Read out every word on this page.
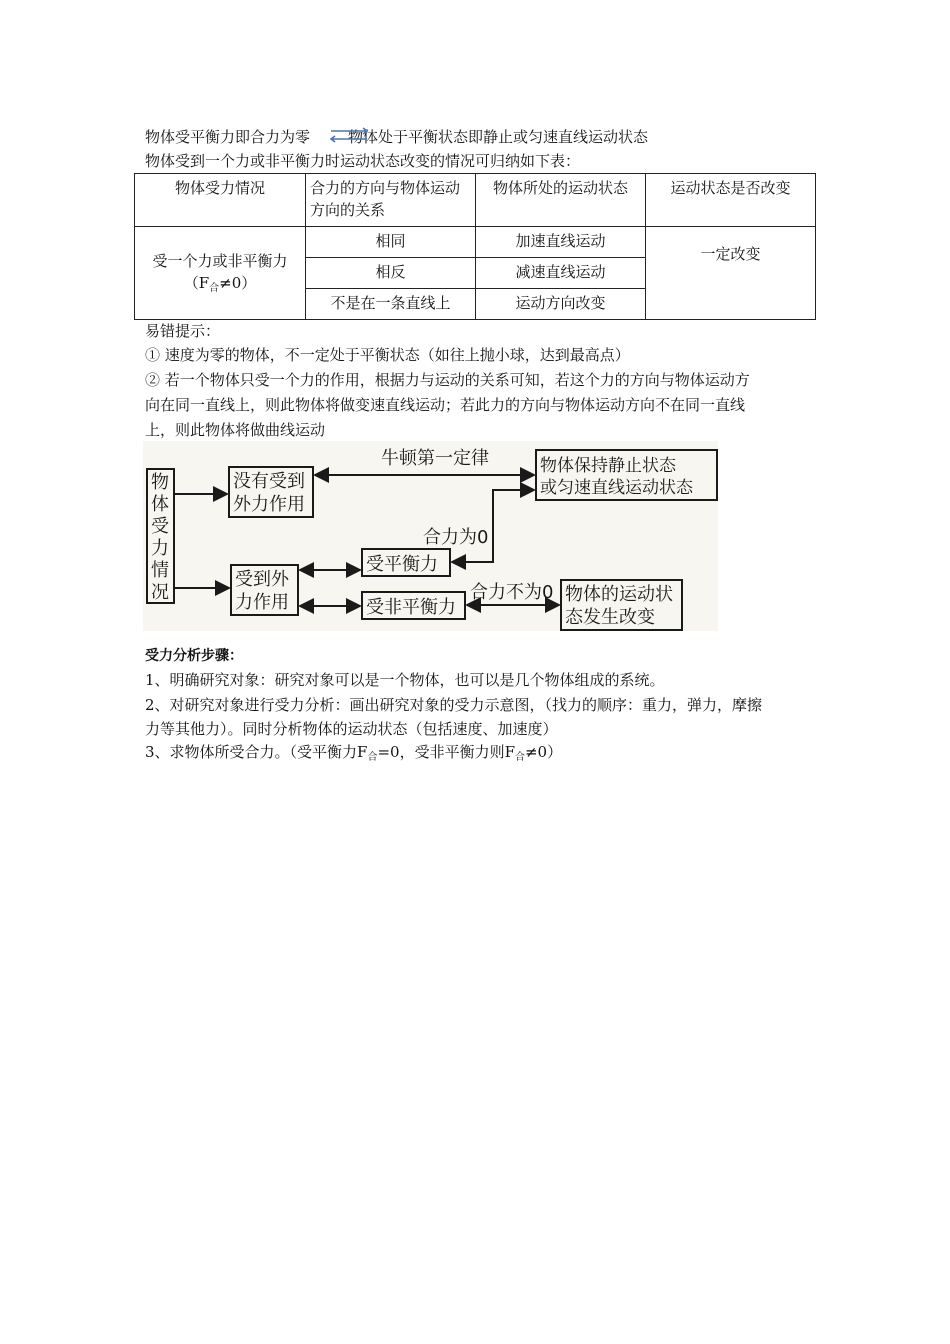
物体受平衡力即合力为零	物体处于平衡状态即静止或匀速直线运动状态
物体受到一个力或非平衡力时运动状态改变的情况可归纳如下表：
物体受力情况	合力的方向与物体运动方向的关系	物体所处的运动状态	运动状态是否改变

受一个力或非平衡力
$(F_合\ne 0)$	相同	加速直线运动	一定改变
	相反	减速直线运动	
	不是在一条直线上	运动方向改变	
易错提示：
① 速度为零的物体，不一定处于平衡状态（如往上抛小球，达到最高点）
② 若一个物体只受一个力的作用，根据力与运动的关系可知，若这个力的方向与物体运动方
向在同一直线上，则此物体将做变速直线运动；若此力的方向与物体运动方向不在同一直线
上，则此物体将做曲线运动
物
体
受
力
情
况
没有受到
外力作用
受到外
力作用
牛顿第一定律	物体保持静止状态
或匀速直线运动状态
受平衡力
受非平衡力
合力为0
合力不为0 物体的运动状
态发生改变
受力分析步骤：
1、明确研究对象：研究对象可以是一个物体，也可以是几个物体组成的系统。
2、对研究对象进行受力分析：画出研究对象的受力示意图，（找力的顺序：重力，弹力，摩擦
力等其他力）。同时分析物体的运动状态（包括速度、加速度）
3、求物体所受合力。（受平衡力$F_合=0$，受非平衡力则$F_合\ne 0$）
